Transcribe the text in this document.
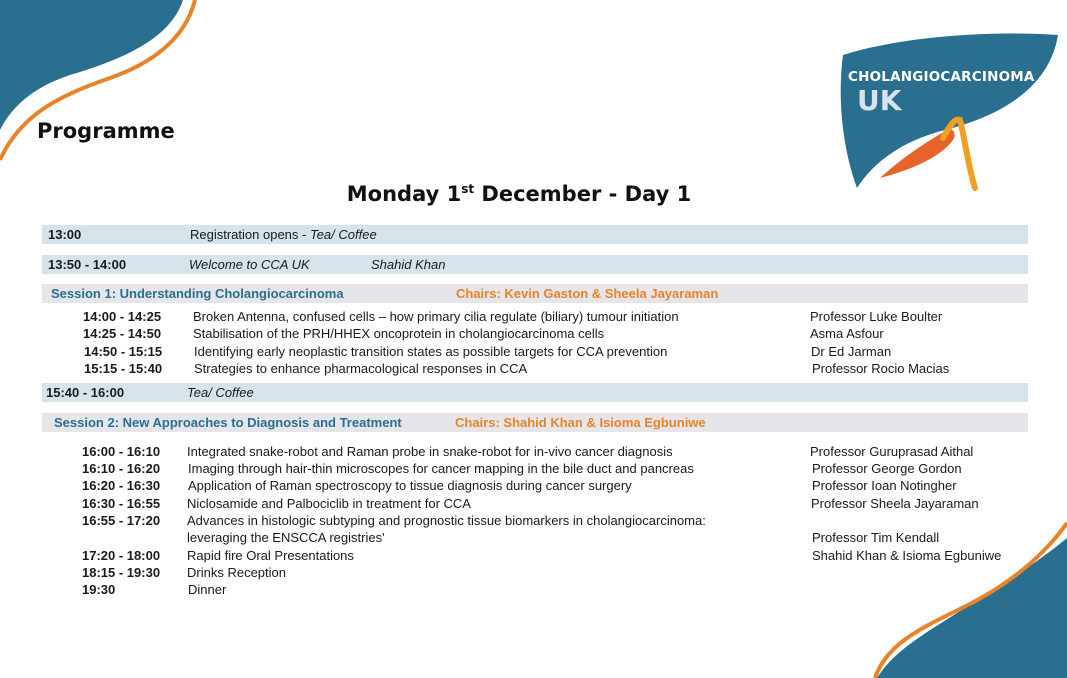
CHOLANGIOCARCINOMA
UK
Programme
Monday 1st December - Day 1
13:00	Registration opens - Tea/ Coffee
13:50 - 14:00	Welcome to CCA UK	Shahid Khan
Session 1: Understanding Cholangiocarcinoma	Chairs: Kevin Gaston & Sheela Jayaraman
14:00 - 14:25 Broken Antenna, confused cells – how primary cilia regulate (biliary) tumour initiation	Professor Luke Boulter
14:25 - 14:50 Stabilisation of the PRH/HHEX oncoprotein in cholangiocarcinoma cells	Asma Asfour
14:50 - 15:15 Identifying early neoplastic transition states as possible targets for CCA prevention	Dr Ed Jarman
15:15 - 15:40 Strategies to enhance pharmacological responses in CCA	Professor Rocio Macias
15:40 - 16:00	Tea/ Coffee
Session 2: New Approaches to Diagnosis and Treatment	Chairs: Shahid Khan & Isioma Egbuniwe
16:00 - 16:10 Integrated snake-robot and Raman probe in snake-robot for in-vivo cancer diagnosis	Professor Guruprasad Aithal
16:10 - 16:20 Imaging through hair-thin microscopes for cancer mapping in the bile duct and pancreas	Professor George Gordon
16:20 - 16:30 Application of Raman spectroscopy to tissue diagnosis during cancer surgery	Professor Ioan Notingher
16:30 - 16:55 Niclosamide and Palbociclib in treatment for CCA	Professor Sheela Jayaraman
16:55 - 17:20 Advances in histologic subtyping and prognostic tissue biomarkers in cholangiocarcinoma:
leveraging the ENSCCA registries'	Professor Tim Kendall
17:20 - 18:00 Rapid fire Oral Presentations	Shahid Khan & Isioma Egbuniwe
18:15 - 19:30 Drinks Reception
19:30	Dinner
